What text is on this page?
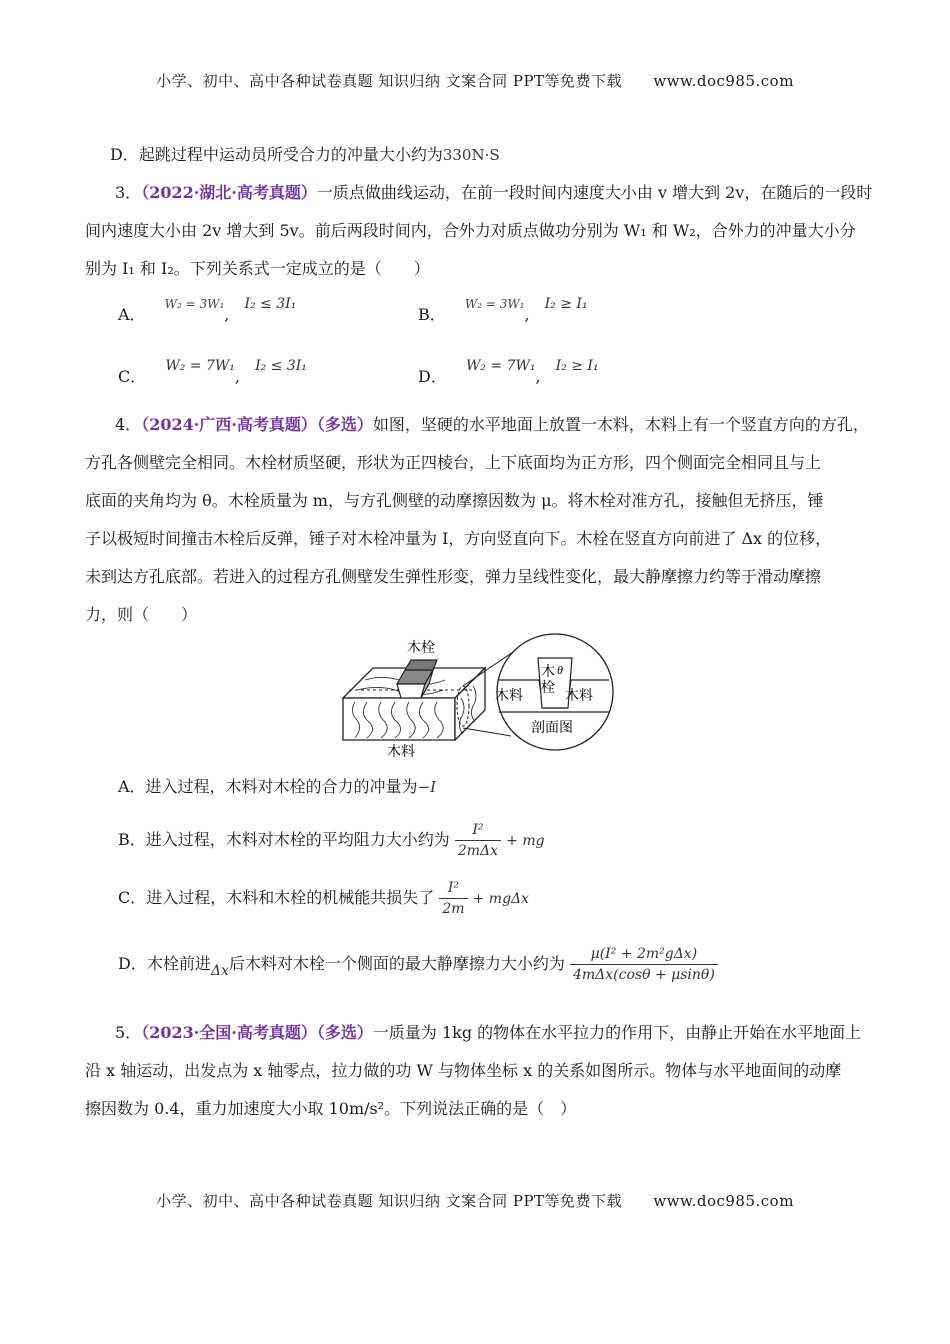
小学、初中、高中各种试卷真题 知识归纳 文案合同 PPT等免费下载 www.doc985.com
D．起跳过程中运动员所受合力的冲量大小约为330N·S
3．（2022·湖北·高考真题）一质点做曲线运动，在前一段时间内速度大小由 v 增大到 2v，在随后的一段时
间内速度大小由 2v 增大到 5v。前后两段时间内，合外力对质点做功分别为 W₁ 和 W₂，合外力的冲量大小分
别为 I₁ 和 I₂。下列关系式一定成立的是（　　）
A． $^{W_2 = 3W_1}$, I₂ ≤ 3I₁
B． $^{W_2 = 3W_1}$, I₂ ≥ I₁
C． W₂ = 7W₁, I₂ ≤ 3I₁
D． W₂ = 7W₁, I₂ ≥ I₁
4．（2024·广西·高考真题）（多选）如图，坚硬的水平地面上放置一木料，木料上有一个竖直方向的方孔，
方孔各侧壁完全相同。木栓材质坚硬，形状为正四棱台，上下底面均为正方形，四个侧面完全相同且与上
底面的夹角均为 θ。木栓质量为 m，与方孔侧壁的动摩擦因数为 μ。将木栓对准方孔，接触但无挤压，锤
子以极短时间撞击木栓后反弹，锤子对木栓冲量为 I，方向竖直向下。木栓在竖直方向前进了 Δx 的位移，
未到达方孔底部。若进入的过程方孔侧壁发生弹性形变，弹力呈线性变化，最大静摩擦力约等于滑动摩擦
力，则（　　）
木栓
木料
木
栓
θ
木料	木料
剖面图
A．进入过程，木料对木栓的合力的冲量为−I
B．进入过程，木料对木栓的平均阻力大小约为 $\frac{\text{I²}}{\text{2mΔx}}$ + mg
C．进入过程，木料和木栓的机械能共损失了 $\frac{\text{I²}}{2m} + mg\Delta x$
D．木栓前进Δx后木料对木栓一个侧面的最大静摩擦力大小约为 $\frac{\text{μ(I² + 2m²gΔx)}}{\text{4mΔx(cosθ + μsinθ)}}$
5．（2023·全国·高考真题）（多选）一质量为 1kg 的物体在水平拉力的作用下，由静止开始在水平地面上
沿 x 轴运动，出发点为 x 轴零点，拉力做的功 W 与物体坐标 x 的关系如图所示。物体与水平地面间的动摩
擦因数为 0.4，重力加速度大小取 10m/s²。下列说法正确的是（　）
小学、初中、高中各种试卷真题 知识归纳 文案合同 PPT等免费下载 www.doc985.com
